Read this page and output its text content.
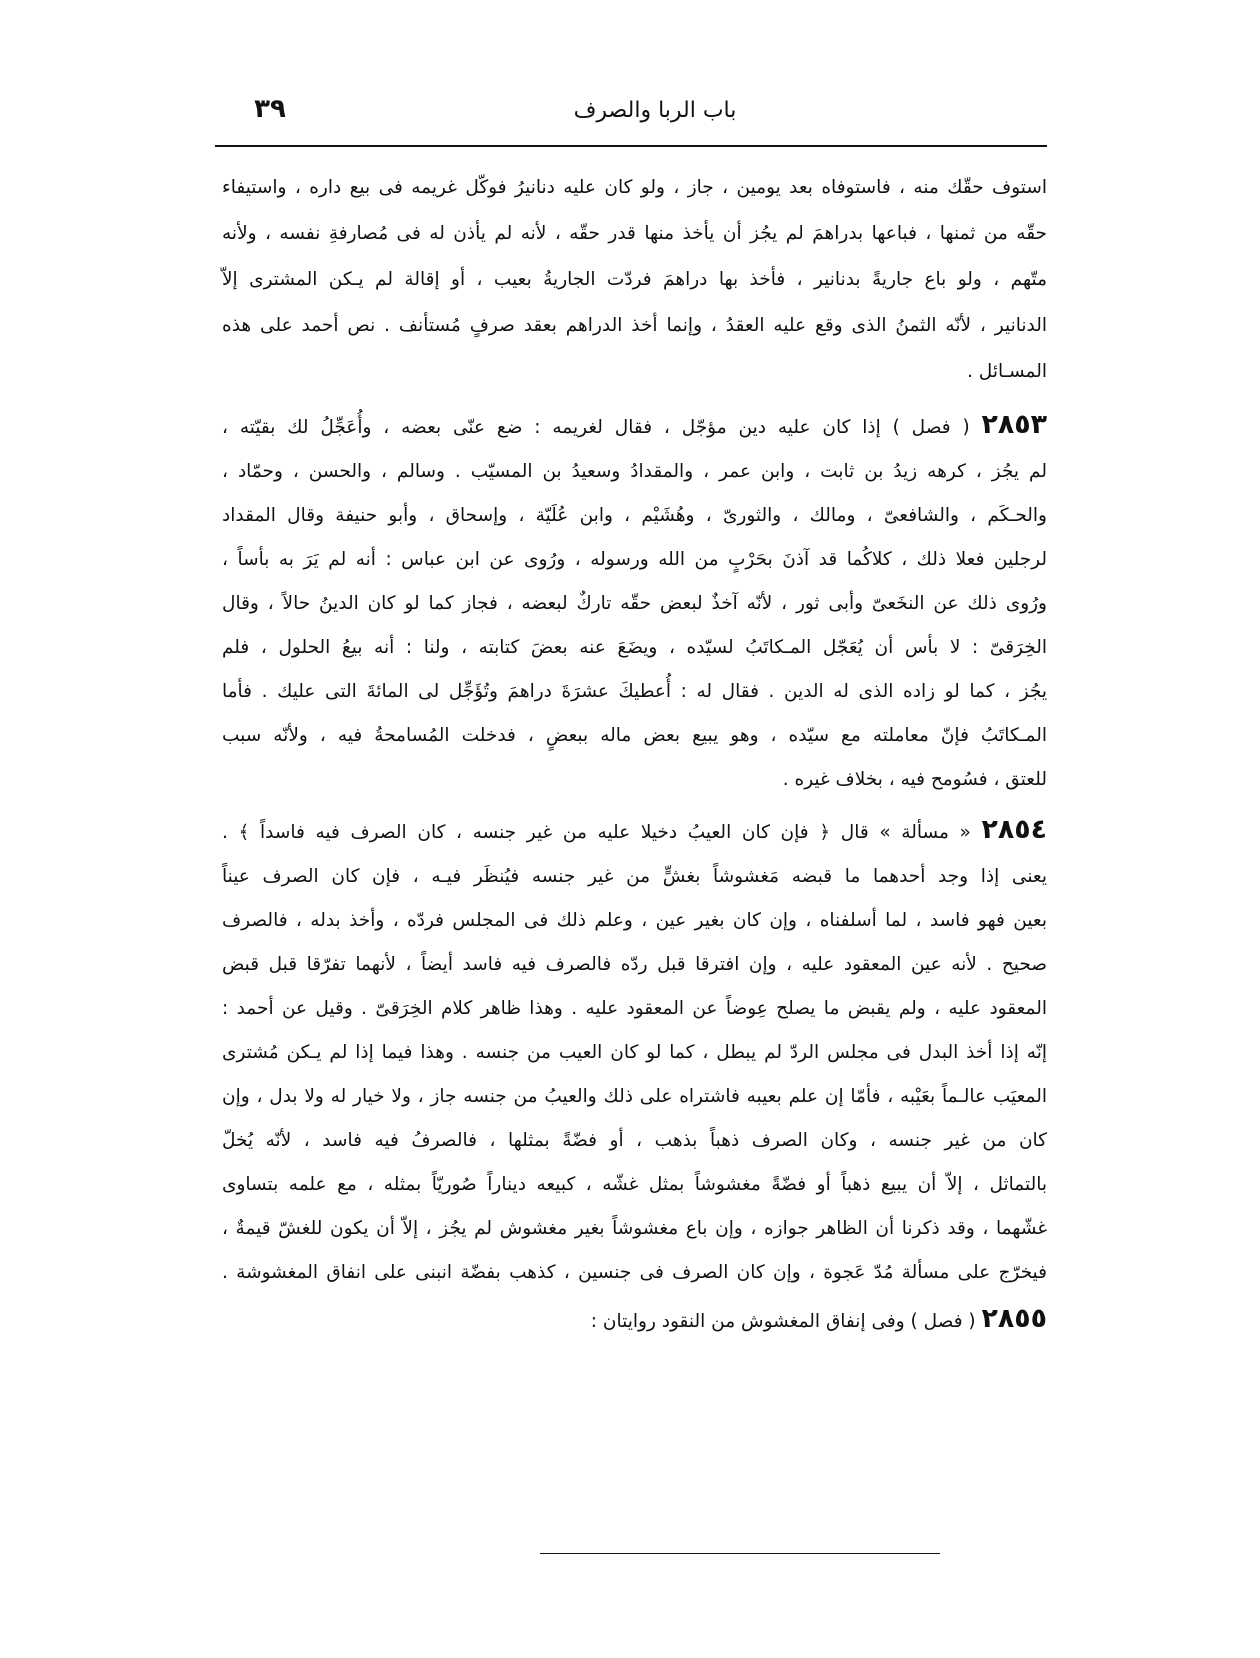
باب الربا والصرف
٣٩
استوف حقّك منه ، فاستوفاه بعد يومين ، جاز ، ولو كان عليه دنانيرُ فوكّل غريمه فى بيع داره ، واستيفاء
حقّه من ثمنها ، فباعها بدراهمَ لم يجُز أن يأخذ منها قدر حقّه ، لأنه لم يأذن له فى مُصارفةِ نفسه ، ولأنه
متّهم ، ولو باع جاريةً بدنانير ، فأخذ بها دراهمَ فردّت الجاريةُ بعيب ، أو إقالة لم يـكن المشترى إلاّ
الدنانير ، لأنّه الثمنُ الذى وقع عليه العقدُ ، وإنما أخذ الدراهم بعقد صرفٍ مُستأنف . نص أحمد على هذه
المسـائل .
٢٨٥٣ ( فصل ) إذا كان عليه دين مؤجّل ، فقال لغريمه : ضع عنّى بعضه ، وأُعَجِّلُ لك بقيّته ،
لم يجُز ، كرهه زيدُ بن ثابت ، وابن عمر ، والمقدادُ وسعيدُ بن المسيّب . وسالم ، والحسن ، وحمّاد ،
والحـكَم ، والشافعىّ ، ومالك ، والثورىّ ، وهُشَيْم ، وابن عُلَيّة ، وإسحاق ، وأبو حنيفة وقال المقداد
لرجلين فعلا ذلك ، كلاكُما قد آذنَ بحَرْبٍ من الله ورسوله ، ورُوى عن ابن عباس : أنه لم يَرَ به بأساً ،
ورُوى ذلك عن النخَعىّ وأبى ثور ، لأنّه آخذٌ لبعض حقّه تاركٌ لبعضه ، فجاز كما لو كان الدينُ حالاً ، وقال
الخِرَقىّ : لا بأس أن يُعَجّل المـكاتَبُ لسيّده ، ويضَعَ عنه بعضَ كتابته ، ولنا : أنه بيعُ الحلول ، فلم
يجُز ، كما لو زاده الذى له الدين . فقال له : أُعطيكَ عشرَةَ دراهمَ وتُؤَجِّل لى المائةَ التى عليك . فأما
المـكاتَبُ فإنّ معاملته مع سيّده ، وهو يبيع بعض ماله ببعضٍ ، فدخلت المُسامحةُ فيه ، ولأنّه سبب
للعتق ، فسُومح فيه ، بخلاف غيره .
٢٨٥٤ « مسألة » قال ﴿ فإن كان العيبُ دخيلا عليه من غير جنسه ، كان الصرف فيه فاسداً ﴾ .
يعنى إذا وجد أحدهما ما قبضه مَغشوشاً بغشٍّ من غير جنسه فيُنظَر فيـه ، فإن كان الصرف عيناً
بعين فهو فاسد ، لما أسلفناه ، وإن كان بغير عين ، وعلم ذلك فى المجلس فردّه ، وأخذ بدله ، فالصرف
صحيح . لأنه عين المعقود عليه ، وإن افترقا قبل ردّه فالصرف فيه فاسد أيضاً ، لأنهما تفرّقا قبل قبض
المعقود عليه ، ولم يقبض ما يصلح عِوضاً عن المعقود عليه . وهذا ظاهر كلام الخِرَقىّ . وقيل عن أحمد :
إنّه إذا أخذ البدل فى مجلس الردّ لم يبطل ، كما لو كان العيب من جنسه . وهذا فيما إذا لم يـكن مُشترى
المعيَب عالـماً بعَيْبه ، فأمّا إن علم بعيبه فاشتراه على ذلك والعيبُ من جنسه جاز ، ولا خيار له ولا بدل ، وإن
كان من غير جنسه ، وكان الصرف ذهباً بذهب ، أو فضّةً بمثلها ، فالصرفُ فيه فاسد ، لأنّه يُخلّ
بالتماثل ، إلاّ أن يبيع ذهباً أو فضّةً مغشوشاً بمثل غشّه ، كبيعه ديناراً صُوريّاً بمثله ، مع علمه بتساوى
غشّهما ، وقد ذكرنا أن الظاهر جوازه ، وإن باع مغشوشاً بغير مغشوش لم يجُز ، إلاّ أن يكون للغشّ قيمةٌ ،
فيخرّج على مسألة مُدّ عَجوة ، وإن كان الصرف فى جنسين ، كذهب بفضّة انبنى على انفاق المغشوشة .
٢٨٥٥ ( فصل ) وفى إنفاق المغشوش من النقود روايتان :
